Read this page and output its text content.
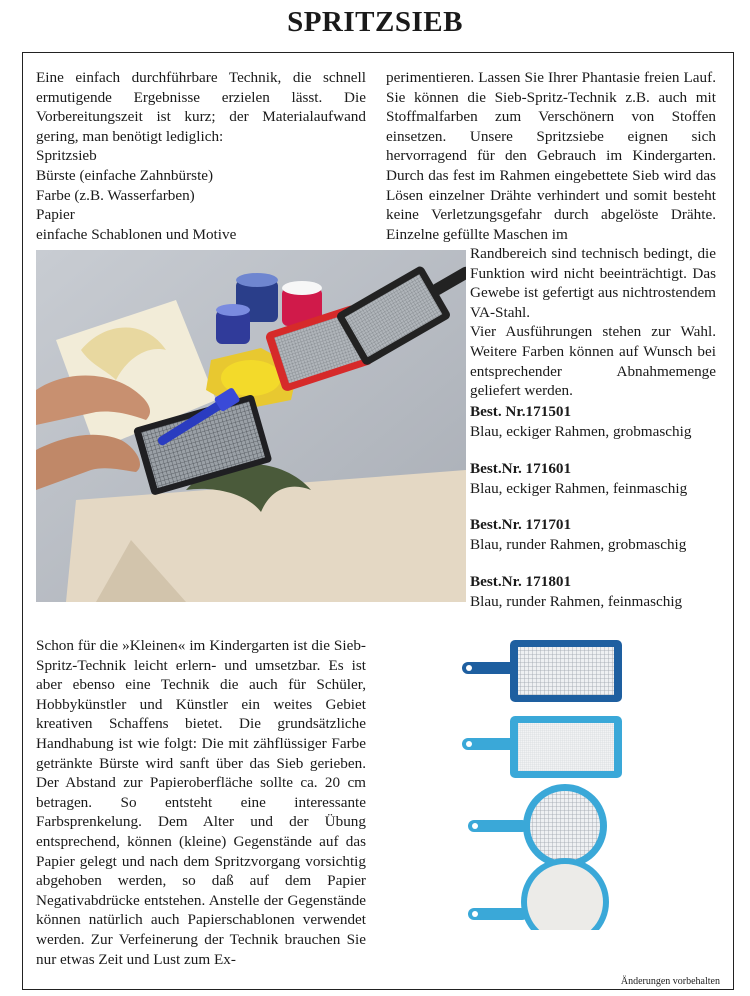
SPRITZSIEB

Eine einfach durchführbare Technik, die schnell ermutigende Ergebnisse erzielen lässt. Die Vorbereitungszeit ist kurz; der Materialaufwand gering, man benötigt lediglich:

Spritzsieb
Bürste (einfache Zahnbürste)
Farbe (z.B. Wasserfarben)
Papier
einfache Schablonen und Motive

perimentieren. Lassen Sie Ihrer Phantasie freien Lauf. Sie können die Sieb-Spritz-Technik z.B. auch mit Stoffmalfarben zum Verschönern von Stoffen einsetzen. Unsere Spritzsiebe eignen sich hervorragend für den Gebrauch im Kindergarten. Durch das fest im Rahmen eingebettete Sieb wird das Lösen einzelner Drähte verhindert und somit besteht keine Verletzungsgefahr durch abgelöste Drähte. Einzelne gefüllte Maschen im

Randbereich sind technisch bedingt, die Funktion wird nicht beeinträchtigt. Das Gewebe ist gefertigt aus nichtrostendem VA-Stahl.

Vier Ausführungen stehen zur Wahl. Weitere Farben können auf Wunsch bei entsprechender Abnahmemenge geliefert werden.

Best. Nr.171501
Blau, eckiger Rahmen, grobmaschig
Best.Nr. 171601
Blau, eckiger Rahmen, feinmaschig
Best.Nr. 171701
Blau, runder Rahmen, grobmaschig
Best.Nr. 171801
Blau, runder Rahmen, feinmaschig

Schon für die »Kleinen« im Kindergarten ist die Sieb-Spritz-Technik leicht erlern- und umsetzbar. Es ist aber ebenso eine Technik die auch für Schüler, Hobbykünstler und Künstler ein weites Gebiet kreativen Schaffens bietet. Die grundsätzliche Handhabung ist wie folgt: Die mit zähflüssiger Farbe getränkte Bürste wird sanft über das Sieb gerieben. Der Abstand zur Papieroberfläche sollte ca. 20 cm betragen. So entsteht eine interessante Farbsprenkelung. Dem Alter und der Übung entsprechend, können (kleine) Gegenstände auf das Papier gelegt und nach dem Spritzvorgang vorsichtig abgehoben werden, so daß auf dem Papier Negativabdrücke entstehen. Anstelle der Gegenstände können natürlich auch Papierschablonen verwendet werden. Zur Verfeinerung der Technik brauchen Sie nur etwas Zeit und Lust zum Ex-

Änderungen vorbehalten
